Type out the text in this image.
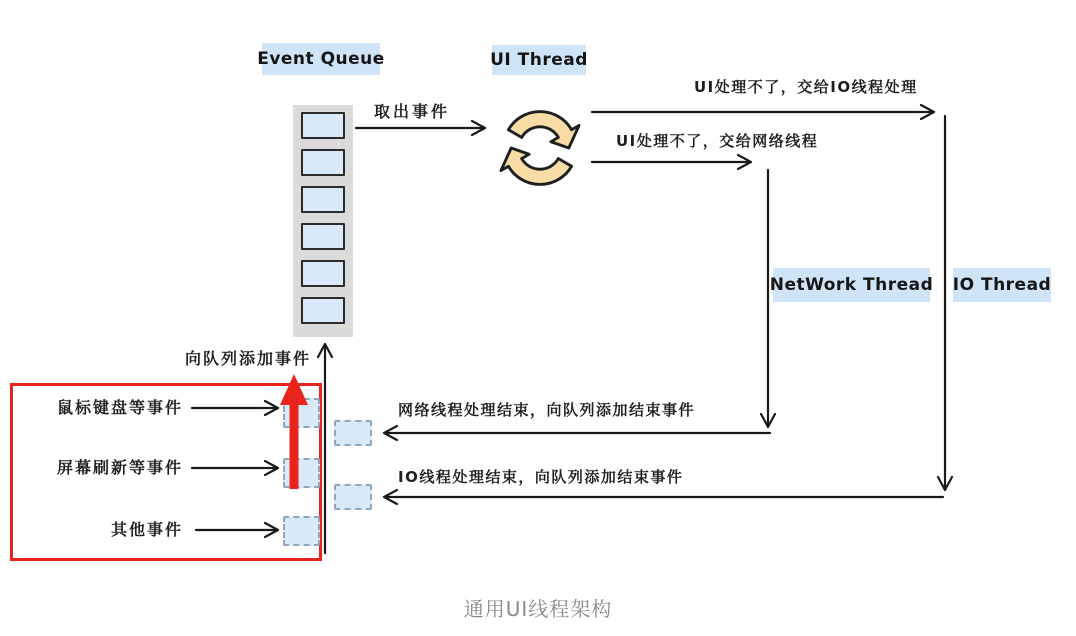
Event Queue	UI Thread
NetWork Thread IO Thread
取出事件
UI处理不了，交给IO线程处理
UI处理不了，交给网络线程
网络线程处理结束，向队列添加结束事件
IO线程处理结束，向队列添加结束事件
向队列添加事件
鼠标键盘等事件
屏幕刷新等事件
其他事件
通用UI线程架构
